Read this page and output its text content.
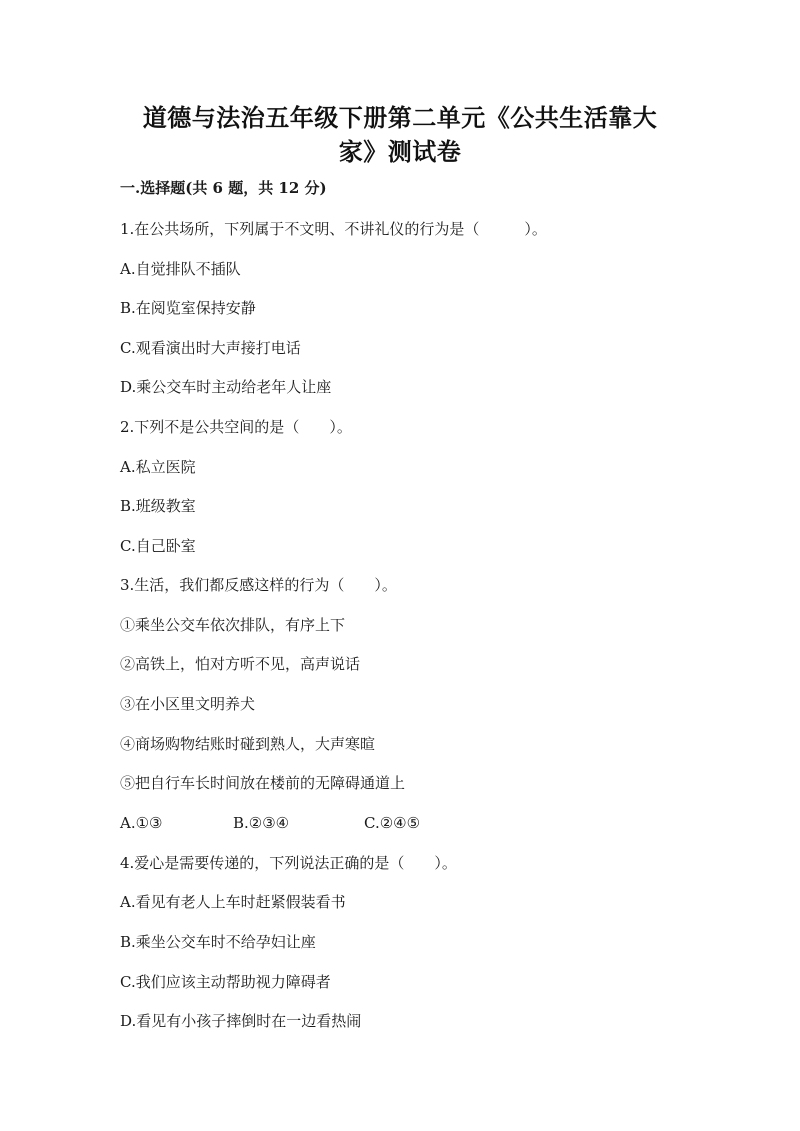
道德与法治五年级下册第二单元《公共生活靠大
家》测试卷
一.选择题(共 6 题，共 12 分)
1.在公共场所，下列属于不文明、不讲礼仪的行为是（　　　）。
A.自觉排队不插队
B.在阅览室保持安静
C.观看演出时大声接打电话
D.乘公交车时主动给老年人让座
2.下列不是公共空间的是（　　）。
A.私立医院
B.班级教室
C.自己卧室
3.生活，我们都反感这样的行为（　　）。
①乘坐公交车依次排队，有序上下
②高铁上，怕对方听不见，高声说话
③在小区里文明养犬
④商场购物结账时碰到熟人，大声寒暄
⑤把自行车长时间放在楼前的无障碍通道上
A.①③	B.②③④	C.②④⑤
4.爱心是需要传递的，下列说法正确的是（　　）。
A.看见有老人上车时赶紧假装看书
B.乘坐公交车时不给孕妇让座
C.我们应该主动帮助视力障碍者
D.看见有小孩子摔倒时在一边看热闹
